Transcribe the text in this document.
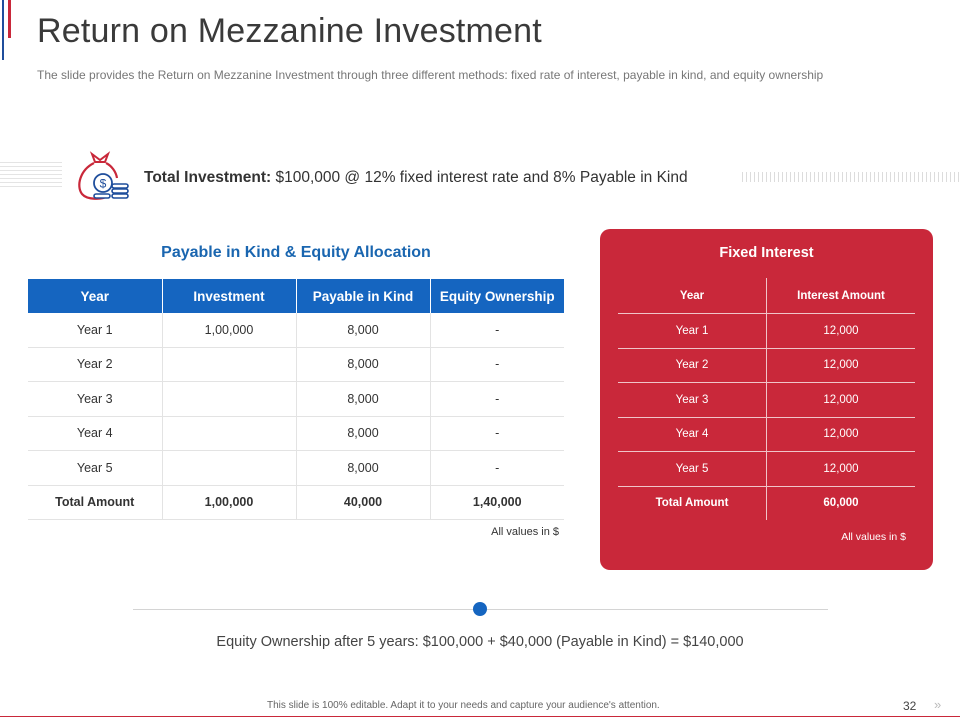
Return on Mezzanine Investment
The slide provides the Return on Mezzanine Investment through three different methods: fixed rate of interest, payable in kind, and equity ownership
$ Total Investment: $100,000 @ 12% fixed interest rate and 8% Payable in Kind
Payable in Kind & Equity Allocation
Year	Investment	Payable in Kind	Equity Ownership
Year 1	1,00,000	8,000	-
Year 2		8,000	-
Year 3		8,000	-
Year 4		8,000	-
Year 5		8,000	-
Total Amount	1,00,000	40,000	1,40,000
All values in $
Fixed Interest
Year	Interest Amount
Year 1	12,000
Year 2	12,000
Year 3	12,000
Year 4	12,000
Year 5	12,000
Total Amount	60,000
All values in $
Equity Ownership after 5 years: $100,000 + $40,000 (Payable in Kind) = $140,000
This slide is 100% editable. Adapt it to your needs and capture your audience's attention.	32 »
